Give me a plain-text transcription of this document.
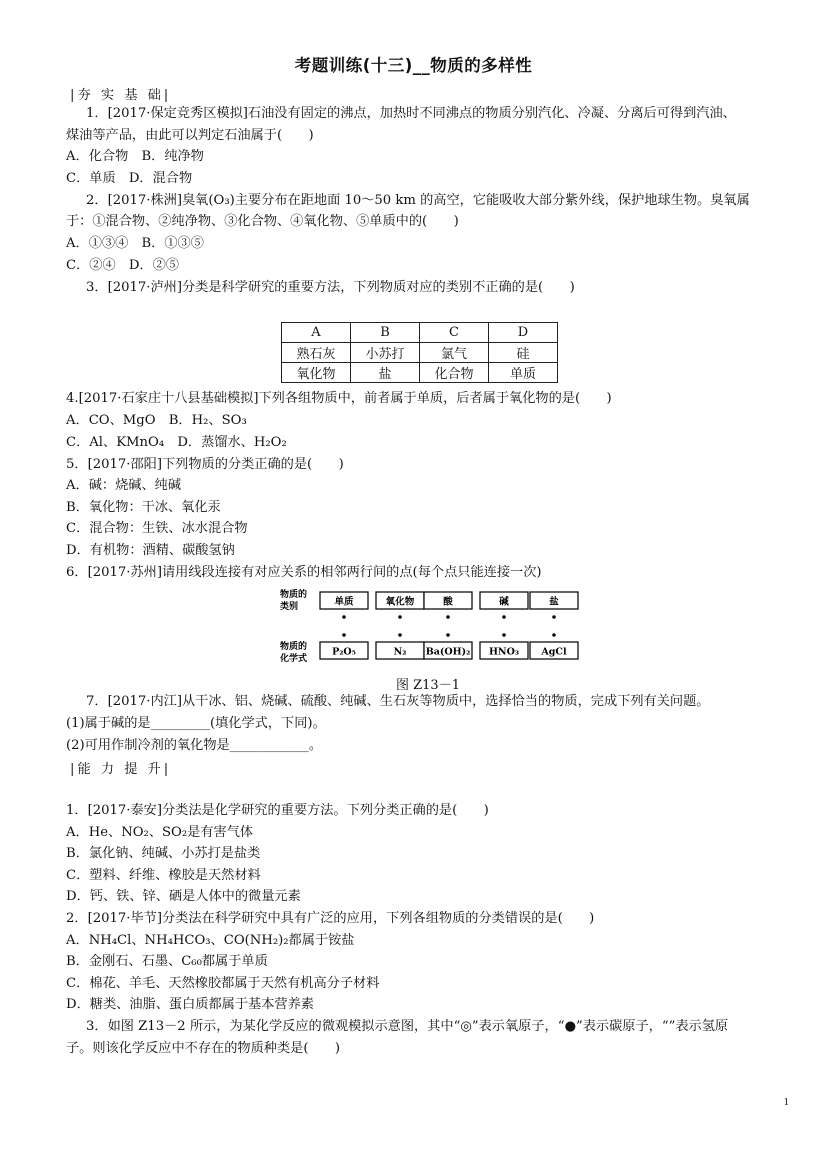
考题训练(十三)__物质的多样性
|夯 实 基 础|
1．[2017·保定竞秀区模拟]石油没有固定的沸点，加热时不同沸点的物质分别汽化、冷凝、分离后可得到汽油、
煤油等产品，由此可以判定石油属于(　　)
A．化合物　B．纯净物
C．单质　D．混合物
2．[2017·株洲]臭氧(O₃)主要分布在距地面 10～50 km 的高空，它能吸收大部分紫外线，保护地球生物。臭氧属
于：①混合物、②纯净物、③化合物、④氧化物、⑤单质中的(　　)
A．①③④　B．①③⑤
C．②④　D．②⑤
3．[2017·泸州]分类是科学研究的重要方法，下列物质对应的类别不正确的是(　　)
A	B	C	D
熟石灰	小苏打	氯气	硅
氧化物	盐	化合物	单质
4.[2017·石家庄十八县基础模拟]下列各组物质中，前者属于单质，后者属于氧化物的是(　　)
A．CO、MgO　B．H₂、SO₃
C．Al、KMnO₄　D．蒸馏水、H₂O₂
5．[2017·邵阳]下列物质的分类正确的是(　　)
A．碱：烧碱、纯碱
B．氧化物：干冰、氧化汞
C．混合物：生铁、冰水混合物
D．有机物：酒精、碳酸氢钠
6．[2017·苏州]请用线段连接有对应关系的相邻两行间的点(每个点只能连接一次)
物质的
类别
物质的
化学式
单质	氧化物	酸	碱	盐
P₂O₅	N₂ Ba(OH)₂ HNO₃ AgCl
图 Z13－1
7．[2017·内江]从干冰、铝、烧碱、硫酸、纯碱、生石灰等物质中，选择恰当的物质，完成下列有关问题。
(1)属于碱的是_________(填化学式，下同)。
(2)可用作制冷剂的氧化物是____________。
|能 力 提 升|
1．[2017·泰安]分类法是化学研究的重要方法。下列分类正确的是(　　)
A．He、NO₂、SO₂是有害气体
B．氯化钠、纯碱、小苏打是盐类
C．塑料、纤维、橡胶是天然材料
D．钙、铁、锌、硒是人体中的微量元素
2．[2017·毕节]分类法在科学研究中具有广泛的应用，下列各组物质的分类错误的是(　　)
A．NH₄Cl、NH₄HCO₃、CO(NH₂)₂都属于铵盐
B．金刚石、石墨、C₆₀都属于单质
C．棉花、羊毛、天然橡胶都属于天然有机高分子材料
D．糖类、油脂、蛋白质都属于基本营养素
3．如图 Z13－2 所示，为某化学反应的微观模拟示意图，其中“◎”表示氧原子，“●”表示碳原子，“”表示氢原
子。则该化学反应中不存在的物质种类是(　　)
1
